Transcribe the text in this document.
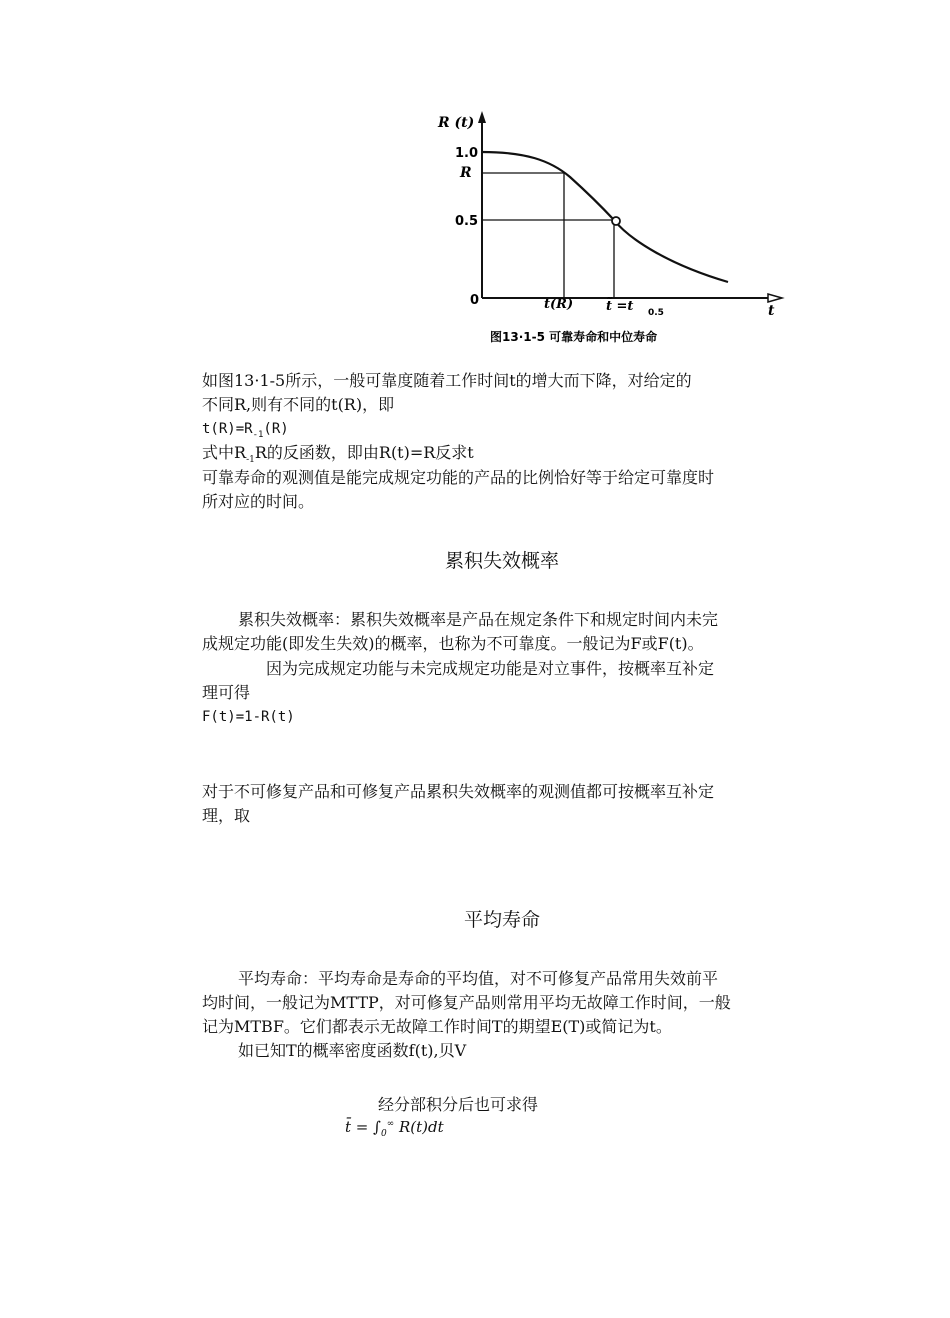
R (t)
1.0
R
0.5
0	t(R)	t̃ =t 0.5	t
图13·1-5 可靠寿命和中位寿命
如图13·1-5所示，一般可靠度随着工作时间t的增大而下降，对给定的
不同R,则有不同的t(R)，即
$t(R)=R_{-1}(R)$
式中$R_{-1}R$的反函数，即由R(t)=R反求t
可靠寿命的观测值是能完成规定功能的产品的比例恰好等于给定可靠度时
所对应的时间。
累积失效概率
累积失效概率：累积失效概率是产品在规定条件下和规定时间内未完
成规定功能(即发生失效)的概率，也称为不可靠度。一般记为F或F(t)。
因为完成规定功能与未完成规定功能是对立事件，按概率互补定
理可得
F(t)=1-R(t)
对于不可修复产品和可修复产品累积失效概率的观测值都可按概率互补定
理，取
平均寿命
平均寿命：平均寿命是寿命的平均值，对不可修复产品常用失效前平
均时间，一般记为MTTP，对可修复产品则常用平均无故障工作时间，一般
记为MTBF。它们都表示无故障工作时间T的期望E(T)或简记为t。
如已知T的概率密度函数f(t),贝V
经分部积分后也可求得
t̄ = $\int_0^\infty$ R(t)dt
